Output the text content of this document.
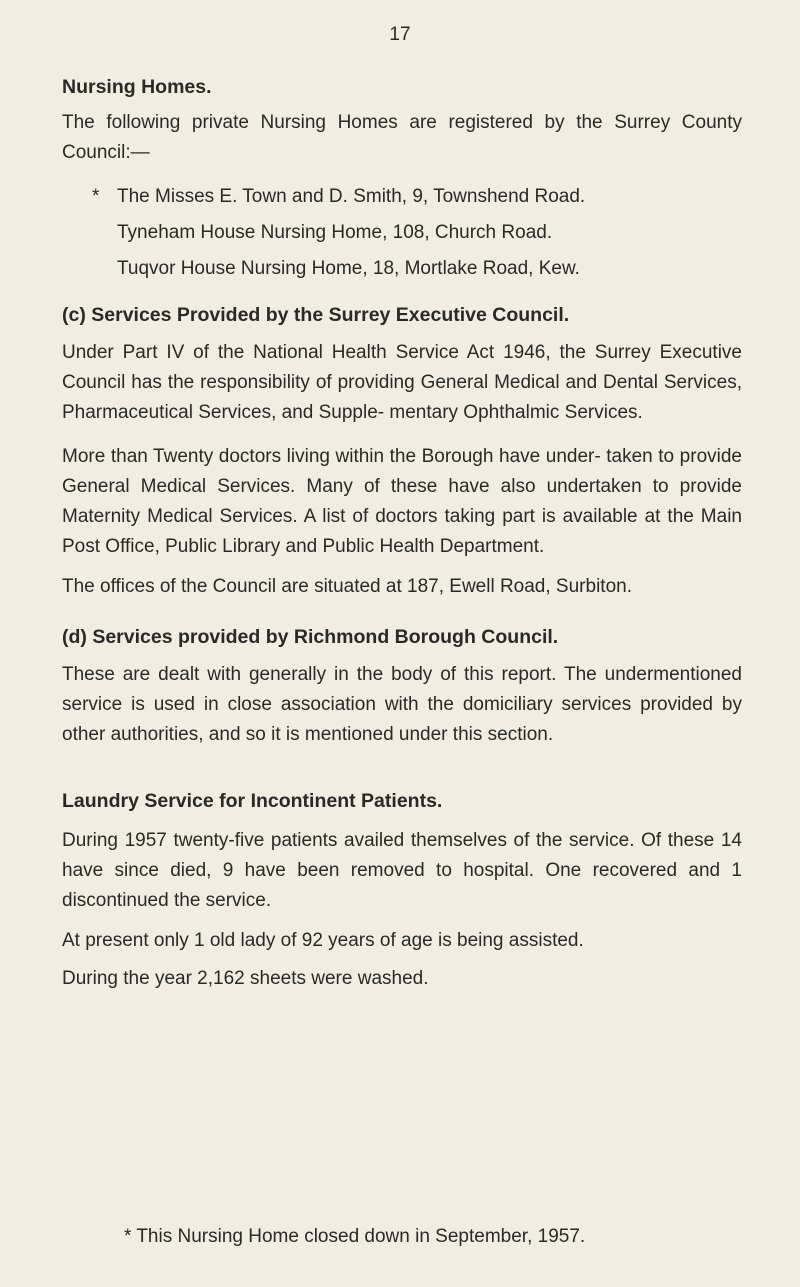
17
Nursing Homes.

The following private Nursing Homes are registered by the Surrey County Council:—

* The Misses E. Town and D. Smith, 9, Townshend Road.
Tyneham House Nursing Home, 108, Church Road.
Tuqvor House Nursing Home, 18, Mortlake Road, Kew.
(c) Services Provided by the Surrey Executive Council.

Under Part IV of the National Health Service Act 1946, the Surrey Executive Council has the responsibility of providing General Medical and Dental Services, Pharmaceutical Services, and Supple- mentary Ophthalmic Services.

More than Twenty doctors living within the Borough have under- taken to provide General Medical Services. Many of these have also undertaken to provide Maternity Medical Services. A list of doctors taking part is available at the Main Post Office, Public Library and Public Health Department.

The offices of the Council are situated at 187, Ewell Road, Surbiton.

(d) Services provided by Richmond Borough Council.

These are dealt with generally in the body of this report. The undermentioned service is used in close association with the domiciliary services provided by other authorities, and so it is mentioned under this section.

Laundry Service for Incontinent Patients.

During 1957 twenty-five patients availed themselves of the service. Of these 14 have since died, 9 have been removed to hospital. One recovered and 1 discontinued the service.

At present only 1 old lady of 92 years of age is being assisted.

During the year 2,162 sheets were washed.

* This Nursing Home closed down in September, 1957.
